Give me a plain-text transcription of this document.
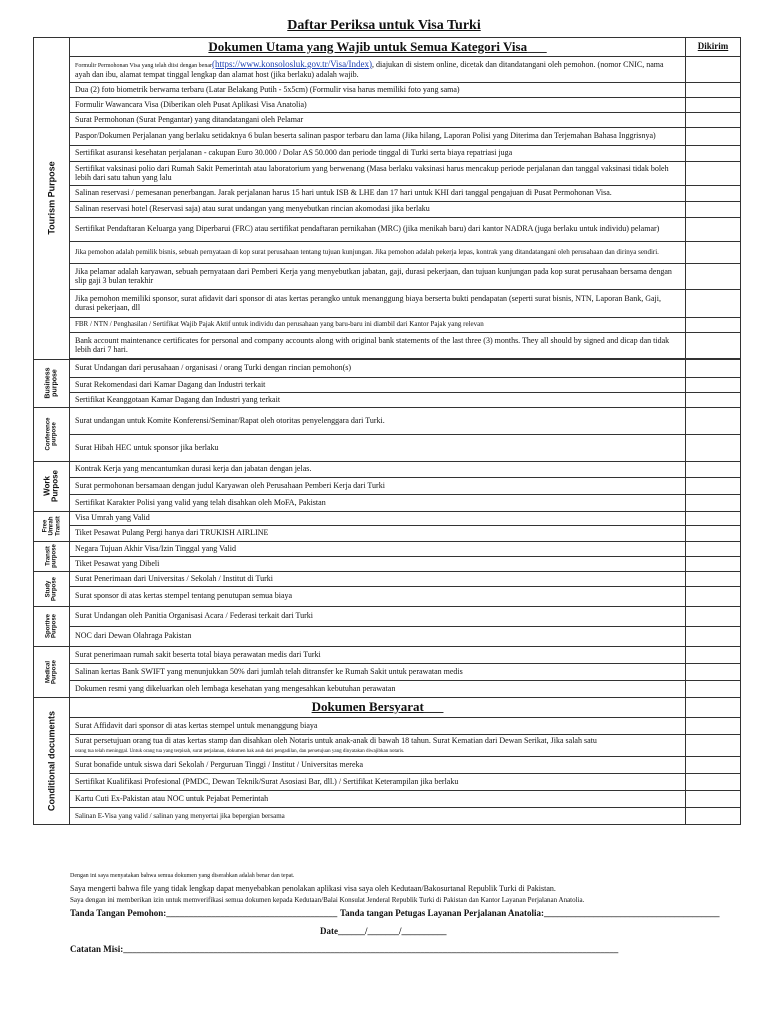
Daftar Periksa untuk Visa Turki
Tourism Purpose	Dokumen Utama yang Wajib untuk Semua Kategori Visa___	Dikirim
	Formulir Permohonan Visa yang telah diisi dengan benar(https://www.konsolosluk.gov.tr/Visa/Index), diajukan di sistem online, dicetak dan ditandatangani oleh pemohon. (nomor CNIC, nama ayah dan ibu, alamat tempat tinggal lengkap dan alamat host (jika berlaku) adalah wajib.	
	Dua (2) foto biometrik berwarna terbaru (Latar Belakang Putih - 5x5cm) (Formulir visa harus memiliki foto yang sama)	
	Formulir Wawancara Visa (Diberikan oleh Pusat Aplikasi Visa Anatolia)	
	Surat Permohonan (Surat Pengantar) yang ditandatangani oleh Pelamar	
	Paspor/Dokumen Perjalanan yang berlaku setidaknya 6 bulan beserta salinan paspor terbaru dan lama (Jika hilang, Laporan Polisi yang Diterima dan Terjemahan Bahasa Inggrisnya)	
	Sertifikat asuransi kesehatan perjalanan - cakupan Euro 30.000 / Dolar AS 50.000 dan periode tinggal di Turki serta biaya repatriasi juga	
	Sertifikat vaksinasi polio dari Rumah Sakit Pemerintah atau laboratorium yang berwenang (Masa berlaku vaksinasi harus mencakup periode perjalanan dan tanggal vaksinasi tidak boleh lebih dari satu tahun yang lalu	
	Salinan reservasi / pemesanan penerbangan. Jarak perjalanan harus 15 hari untuk ISB & LHE dan 17 hari untuk KHI dari tanggal pengajuan di Pusat Permohonan Visa.	
	Salinan reservasi hotel (Reservasi saja) atau surat undangan yang menyebutkan rincian akomodasi jika berlaku	
	Sertifikat Pendaftaran Keluarga yang Diperbarui (FRC) atau sertifikat pendaftaran pernikahan (MRC) (jika menikah baru) dari kantor NADRA (juga berlaku untuk individu) pelamar)	
	Jika pemohon adalah pemilik bisnis, sebuah pernyataan di kop surat perusahaan tentang tujuan kunjungan. Jika pemohon adalah pekerja lepas, kontrak yang ditandatangani oleh perusahaan dan dirinya sendiri.	
	Jika pelamar adalah karyawan, sebuah pernyataan dari Pemberi Kerja yang menyebutkan jabatan, gaji, durasi pekerjaan, dan tujuan kunjungan pada kop surat perusahaan bersama dengan slip gaji 3 bulan terakhir	
	Jika pemohon memiliki sponsor, surat afidavit dari sponsor di atas kertas perangko untuk menanggung biaya berserta bukti pendapatan (seperti surat bisnis, NTN, Laporan Bank, Gaji, durasi pekerjaan, dll	
	FBR / NTN / Penghasilan / Sertifikat Wajib Pajak Aktif untuk individu dan perusahaan yang baru-baru ini diambil dari Kantor Pajak yang relevan	
	Bank account maintenance certificates for personal and company accounts along with original bank statements of the last three (3) months. They all should by signed and dicap dan tidak lebih dari 7 hari.	

Business
purpose	Surat Undangan dari perusahaan / organisasi / orang Turki dengan rincian pemohon(s)	
	Surat Rekomendasi dari Kamar Dagang dan Industri terkait	
	Sertifikat Keanggotaan Kamar Dagang dan Industri yang terkait	

Conference
purpose	Surat undangan untuk Komite Konferensi/Seminar/Rapat oleh otoritas penyelenggara dari Turki.	
	Surat Hibah HEC untuk sponsor jika berlaku	

Work
Purpose	Kontrak Kerja yang mencantumkan durasi kerja dan jabatan dengan jelas.	
	Surat permohonan bersamaan dengan judul Karyawan oleh Perusahaan Pemberi Kerja dari Turki	
	Sertifikat Karakter Polisi yang valid yang telah disahkan oleh MoFA, Pakistan	

Free
Umrah
Transit	Visa Umrah yang Valid	
	Tiket Pesawat Pulang Pergi hanya dari TRUKISH AIRLINE	

Transit
purpose	Negara Tujuan Akhir Visa/Izin Tinggal yang Valid	
	Tiket Pesawat yang Dibeli	

Study
Purpose	Surat Penerimaan dari Universitas / Sekolah / Institut di Turki	
	Surat sponsor di atas kertas stempel tentang penutupan semua biaya	

Sportive
Purpose	Surat Undangan oleh Panitia Organisasi Acara / Federasi terkait dari Turki	
	NOC dari Dewan Olahraga Pakistan	

Medical
Purpose	Surat penerimaan rumah sakit beserta total biaya perawatan medis dari Turki	
	Salinan kertas Bank SWIFT yang menunjukkan 50% dari jumlah telah ditransfer ke Rumah Sakit untuk perawatan medis	
	Dokumen resmi yang dikeluarkan oleh lembaga kesehatan yang mengesahkan kebutuhan perawatan	

Conditional documents	Dokumen Bersyarat___	
	Surat Affidavit dari sponsor di atas kertas stempel untuk menanggung biaya	
	Surat persetujuan orang tua di atas kertas stamp dan disahkan oleh Notaris untuk anak-anak di bawah 18 tahun. Surat Kematian dari Dewan Serikat, Jika salah satu
orang tua telah meninggal. Untuk orang tua yang terpisah, surat perjalanan, dokumen hak asuh dari pengadilan, dan persetujuan yang dinyatakan diwajibkan notaris.	
	Surat bonafide untuk siswa dari Sekolah / Perguruan Tinggi / Institut / Universitas mereka	
	Sertifikat Kualifikasi Profesional (PMDC, Dewan Teknik/Surat Asosiasi Bar, dll.) / Sertifikat Keterampilan jika berlaku	
	Kartu Cuti Ex-Pakistan atau NOC untuk Pejabat Pemerintah	
	Salinan E-Visa yang valid / salinan yang menyertai jika bepergian bersama	
Dengan ini saya menyatakan bahwa semua dokumen yang diserahkan adalah benar dan tepat.
Saya mengerti bahwa file yang tidak lengkap dapat menyebabkan penolakan aplikasi visa saya oleh Kedutaan/Bakosurtanal Republik Turki di Pakistan.
Saya dengan ini memberikan izin untuk memverifikasi semua dokumen kepada Kedutaan/Balai Konsulat Jenderal Republik Turki di Pakistan dan Kantor Layanan Perjalanan Anatolia.
Tanda Tangan Pemohon:______________________________________ Tanda tangan Petugas Layanan Perjalanan Anatolia:_______________________________________
Date______/_______/__________
Catatan Misi:______________________________________________________________________________________________________________
